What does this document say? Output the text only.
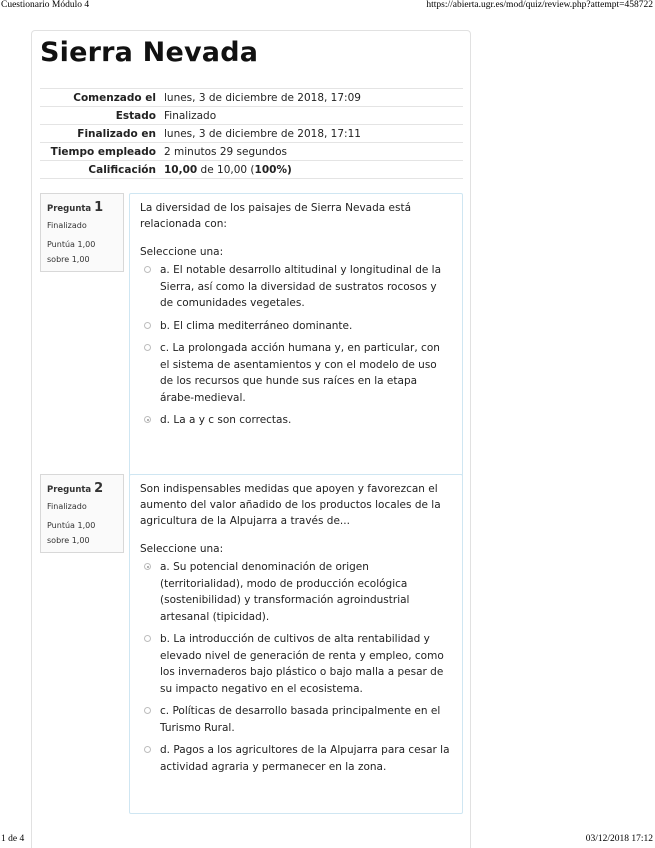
Cuestionario Módulo 4	https://abierta.ugr.es/mod/quiz/review.php?attempt=458722
Sierra Nevada
Comenzado el	lunes, 3 de diciembre de 2018, 17:09
Estado	Finalizado
Finalizado en	lunes, 3 de diciembre de 2018, 17:11
Tiempo empleado	2 minutos 29 segundos
Calificación	10,00 de 10,00 (100%)
Pregunta 1
Finalizado
Puntúa 1,00
sobre 1,00
La diversidad de los paisajes de Sierra Nevada está relacionada con:
Seleccione una:
a. El notable desarrollo altitudinal y longitudinal de la Sierra, así como la diversidad de sustratos rocosos y de comunidades vegetales.
b. El clima mediterráneo dominante.
c. La prolongada acción humana y, en particular, con el sistema de asentamientos y con el modelo de uso de los recursos que hunde sus raíces en la etapa árabe-medieval.
d. La a y c son correctas.
Pregunta 2
Finalizado
Puntúa 1,00
sobre 1,00
Son indispensables medidas que apoyen y favorezcan el aumento del valor añadido de los productos locales de la agricultura de la Alpujarra a través de...
Seleccione una:
a. Su potencial denominación de origen (territorialidad), modo de producción ecológica (sostenibilidad) y transformación agroindustrial artesanal (tipicidad).
b. La introducción de cultivos de alta rentabilidad y elevado nivel de generación de renta y empleo, como los invernaderos bajo plástico o bajo malla a pesar de su impacto negativo en el ecosistema.
c. Políticas de desarrollo basada principalmente en el Turismo Rural.
d. Pagos a los agricultores de la Alpujarra para cesar la actividad agraria y permanecer en la zona.
1 de 4	03/12/2018 17:12
